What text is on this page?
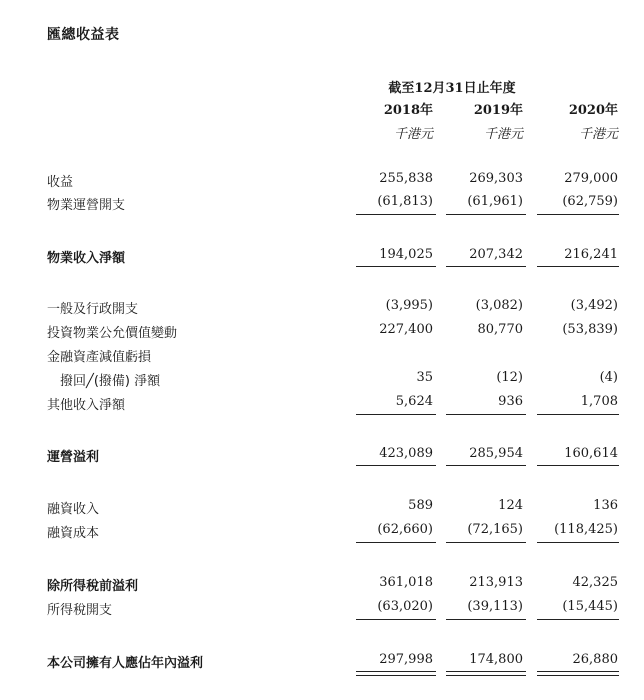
匯總收益表
截至12月31日止年度
2018年	2019年	2020年
千港元	千港元	千港元
收益	255,838	269,303	279,000
物業運營開支	(61,813)	(61,961)	(62,759)
物業收入淨額	194,025	207,342	216,241
一般及行政開支	(3,995)	(3,082)	(3,492)
投資物業公允價值變動	227,400	80,770	(53,839)
金融資產減值虧損
撥回╱(撥備) 淨額	35	(12)	(4)
其他收入淨額	5,624	936	1,708
運營溢利	423,089	285,954	160,614
融資收入	589	124	136
融資成本	(62,660)	(72,165)	(118,425)
除所得稅前溢利	361,018	213,913	42,325
所得稅開支	(63,020)	(39,113)	(15,445)
本公司擁有人應佔年內溢利	297,998	174,800	26,880
